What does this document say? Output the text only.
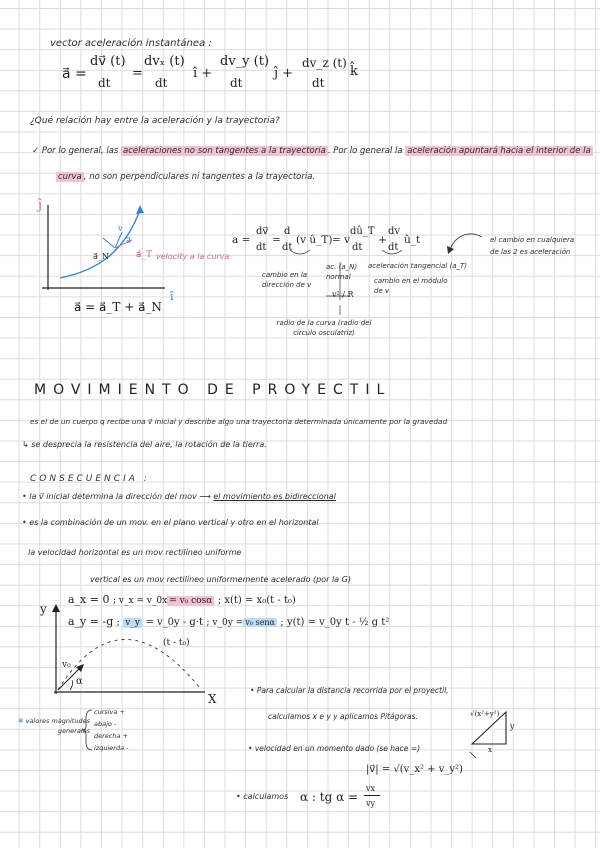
vector aceleración instantánea :
a⃗ =
dv⃗ (t)
dt
=
dvₓ (t)
dt
î +
dv_y (t)
dt
ĵ +
dv_z (t)
dt
k̂
¿Qué relación hay entre la aceleración y la trayectoria?
✓ Por lo general, las aceleraciones no son tangentes a la trayectoria . Por lo general la aceleración apuntará hacia el interior de la
curva , no son perpendiculares ni tangentes a la trayectoria.
ĵ
î
v
a⃗
a⃗_N	a⃗_T velocity a la curva
a⃗ = a⃗_T + a⃗_N
a =
dv⃗
dt
=
d
dt
(v û_T) = v
dû_T
dt
+
dv
dt
û_t
cambio en la dirección de v
ac. (a_N) normal
v² / R
radio de la curva (radio del círculo osculatriz)
aceleración tangencial (a_T)
cambio en el módulo de v
el cambio en cualquiera de las 2 es aceleración
MOVIMIENTO DE PROYECTIL
es el de un cuerpo q recibe una v⃗ inicial y describe algo una trayectoria determinada únicamente por la gravedad
↳ se desprecia la resistencia del aire, la rotación de la tierra.
CONSECUENCIA :
• la v⃗ inicial determina la dirección del mov ⟶ el movimiento es bidireccional
• es la combinación de un mov. en el plano vertical y otro en el horizontal
la velocidad horizontal es un mov rectilíneo uniforme
vertical es un mov rectilíneo uniformemente acelerado (por la G)
a_x = 0 ; v_x = v_0x = v₀ cosα ; x(t) = x₀(t - t₀)
a_y = -g ; v_y = v_0y - g·t ; v_0y = v₀ senα ; y(t) = v_0y t - ½ g t²
(t - t₀)
y
X
v₀
α
✱ valores mágnitudes generales
cursiva +
abajo -
derecha +
izquierda -
• Para calcular la distancia recorrida por el proyectil,
calculamos x e y y aplicamos Pitágoras.	√(x²+y²)
x
y
• velocidad en un momento dado (se hace =)
|v⃗| = √(v_x² + v_y²)
• calculamos α : tg α =
vx
vy
